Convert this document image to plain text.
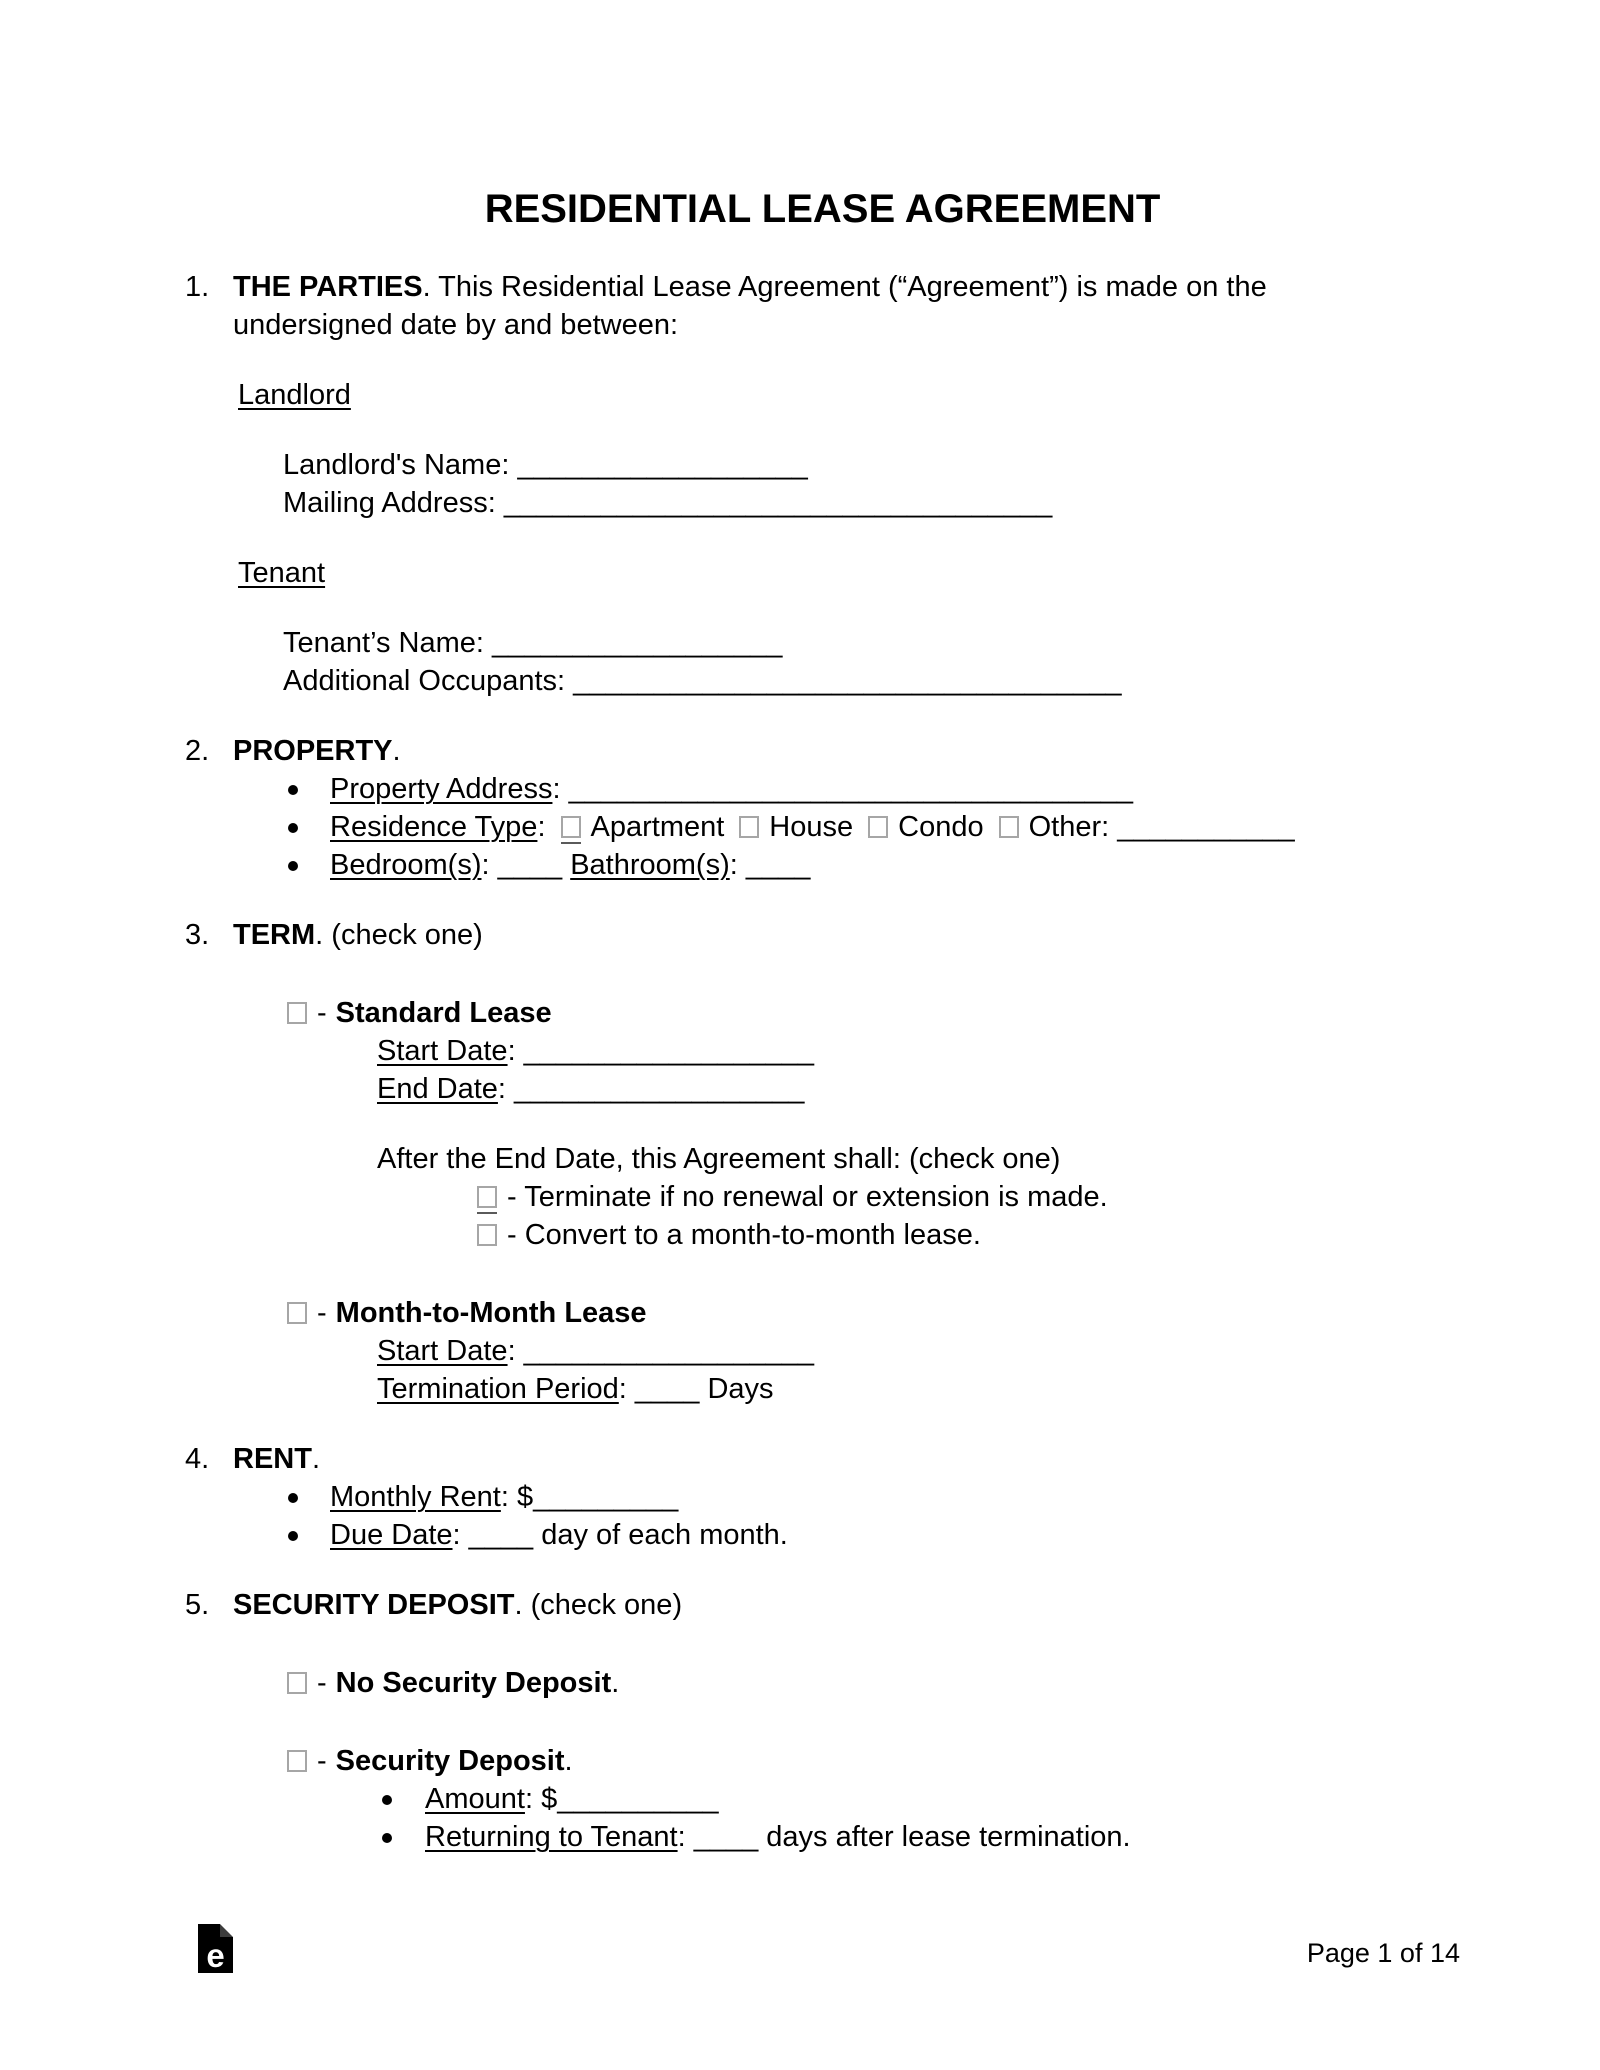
RESIDENTIAL LEASE AGREEMENT
1. THE PARTIES. This Residential Lease Agreement (“Agreement”) is made on the
undersigned date by and between:
Landlord
Landlord's Name: __________________
Mailing Address: __________________________________
Tenant
Tenant’s Name: __________________
Additional Occupants: __________________________________
2. PROPERTY.
Property Address: ___________________________________
Residence Type: Apartment House Condo Other: ___________
Bedroom(s): ____ Bathroom(s): ____
3. TERM. (check one)
- Standard Lease
Start Date: __________________
End Date: __________________
After the End Date, this Agreement shall: (check one)
- Terminate if no renewal or extension is made.
- Convert to a month-to-month lease.
- Month-to-Month Lease
Start Date: __________________
Termination Period: ____ Days
4. RENT.
Monthly Rent: $_________
Due Date: ____ day of each month.
5. SECURITY DEPOSIT. (check one)
- No Security Deposit.
- Security Deposit.
Amount: $__________
Returning to Tenant: ____ days after lease termination.
e	Page 1 of 14
